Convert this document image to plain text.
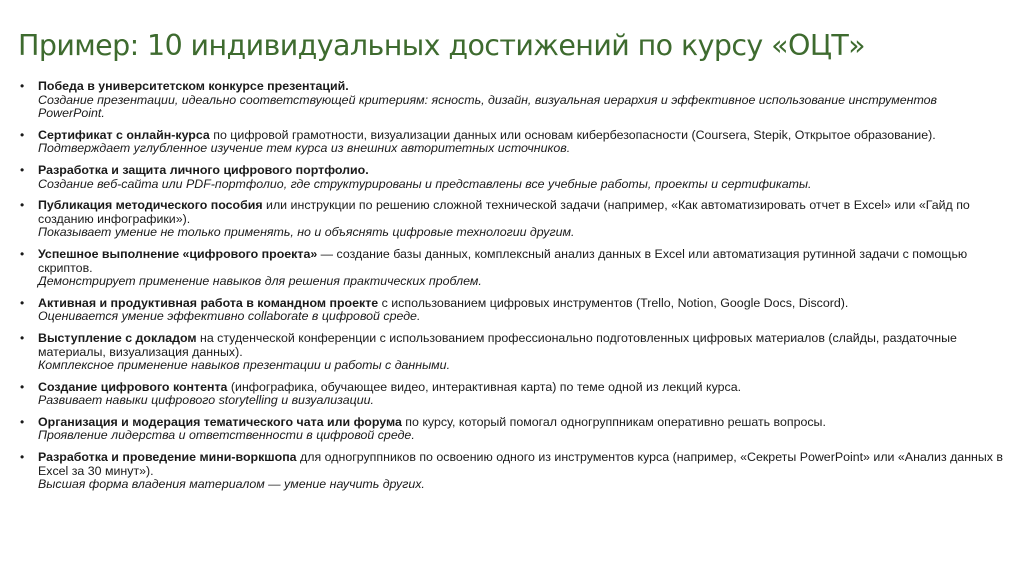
Пример: 10 индивидуальных достижений по курсу «ОЦТ»
• Победа в университетском конкурсе презентаций.
Создание презентации, идеально соответствующей критериям: ясность, дизайн, визуальная иерархия и эффективное использование инструментов PowerPoint.
• Сертификат с онлайн-курса по цифровой грамотности, визуализации данных или основам кибербезопасности (Coursera, Stepik, Открытое образование).
Подтверждает углубленное изучение тем курса из внешних авторитетных источников.
• Разработка и защита личного цифрового портфолио.
Создание веб-сайта или PDF-портфолио, где структурированы и представлены все учебные работы, проекты и сертификаты.
• Публикация методического пособия или инструкции по решению сложной технической задачи (например, «Как автоматизировать отчет в Excel» или «Гайд по созданию инфографики»).
Показывает умение не только применять, но и объяснять цифровые технологии другим.
• Успешное выполнение «цифрового проекта» — создание базы данных, комплексный анализ данных в Excel или автоматизация рутинной задачи с помощью скриптов.
Демонстрирует применение навыков для решения практических проблем.
• Активная и продуктивная работа в командном проекте с использованием цифровых инструментов (Trello, Notion, Google Docs, Discord).
Оценивается умение эффективно collaborate в цифровой среде.
• Выступление с докладом на студенческой конференции с использованием профессионально подготовленных цифровых материалов (слайды, раздаточные материалы, визуализация данных).
Комплексное применение навыков презентации и работы с данными.
• Создание цифрового контента (инфографика, обучающее видео, интерактивная карта) по теме одной из лекций курса.
Развивает навыки цифрового storytelling и визуализации.
• Организация и модерация тематического чата или форума по курсу, который помогал одногруппникам оперативно решать вопросы.
Проявление лидерства и ответственности в цифровой среде.
• Разработка и проведение мини-воркшопа для одногруппников по освоению одного из инструментов курса (например, «Секреты PowerPoint» или «Анализ данных в Excel за 30 минут»).
Высшая форма владения материалом — умение научить других.
